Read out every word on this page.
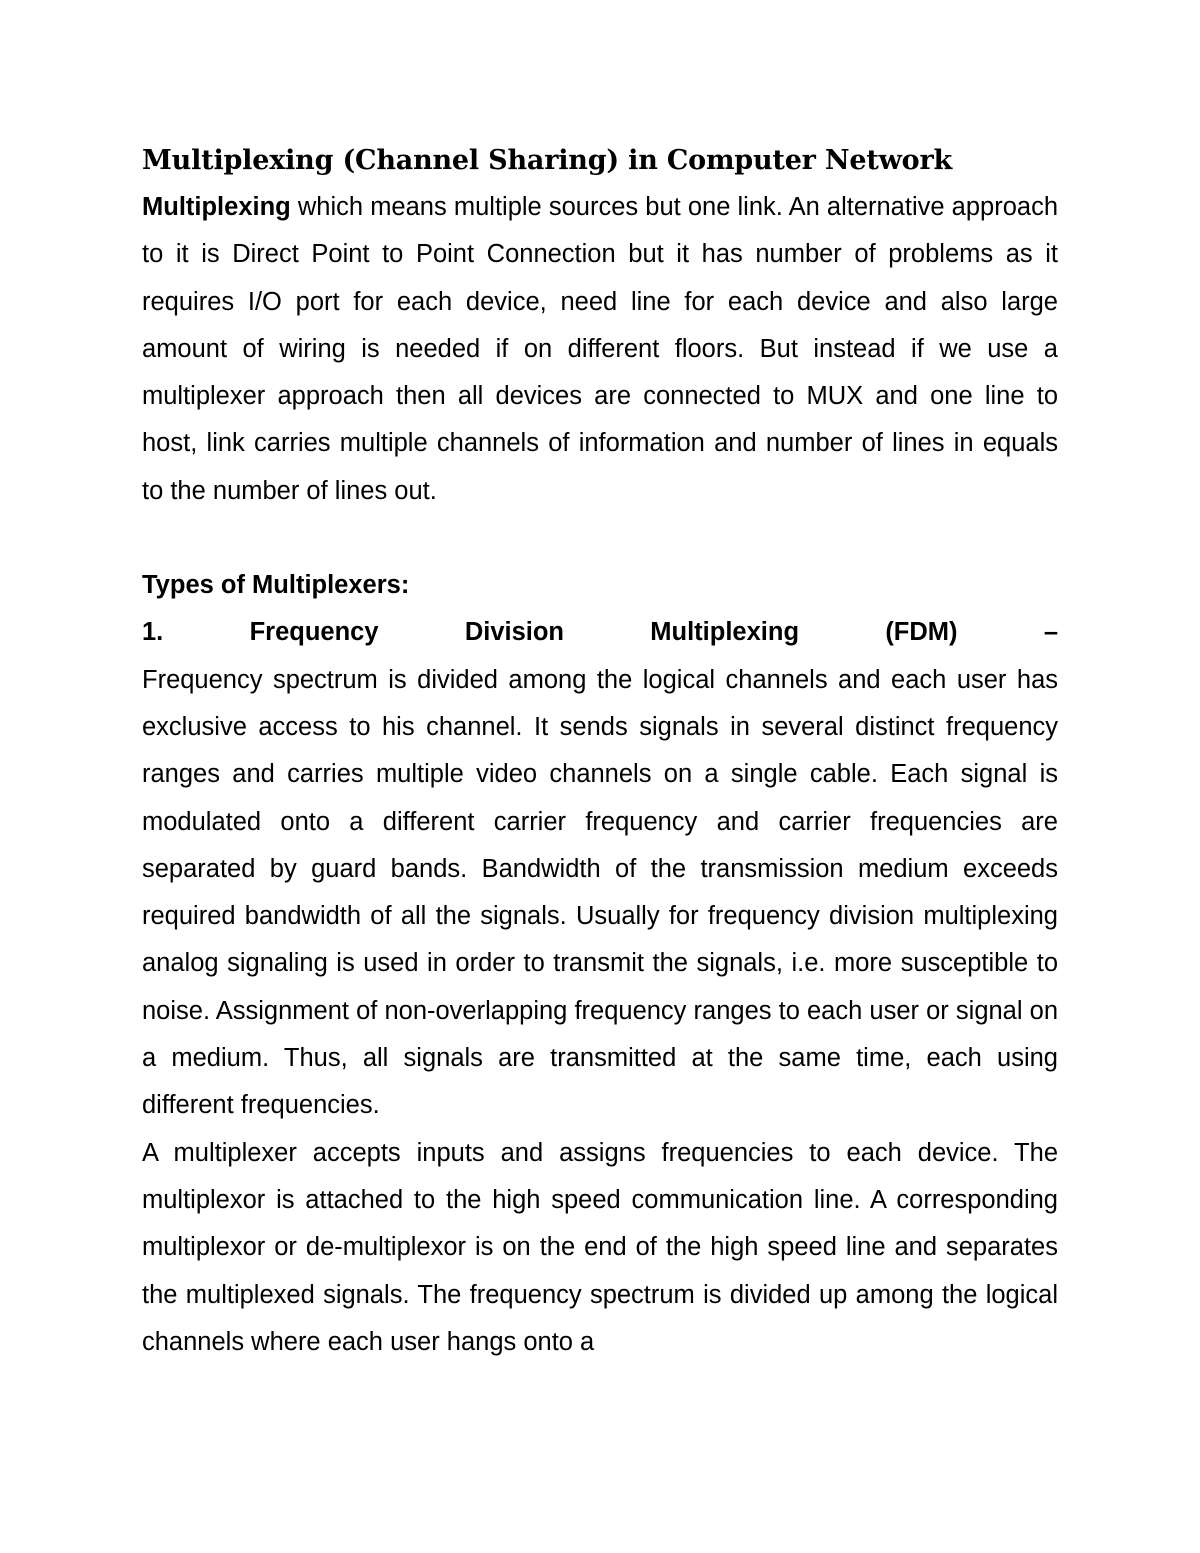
Multiplexing (Channel Sharing) in Computer Network

Multiplexing which means multiple sources but one link. An alternative approach to it is Direct Point to Point Connection but it has number of problems as it requires I/O port for each device, need line for each device and also large amount of wiring is needed if on different floors. But instead if we use a multiplexer approach then all devices are connected to MUX and one line to host, link carries multiple channels of information and number of lines in equals to the number of lines out.

Types of Multiplexers:

1.	Frequency	Division	Multiplexing	(FDM)	–

Frequency spectrum is divided among the logical channels and each user has exclusive access to his channel. It sends signals in several distinct frequency ranges and carries multiple video channels on a single cable. Each signal is modulated onto a different carrier frequency and carrier frequencies are separated by guard bands. Bandwidth of the transmission medium exceeds required bandwidth of all the signals. Usually for frequency division multiplexing analog signaling is used in order to transmit the signals, i.e. more susceptible to noise. Assignment of non-overlapping frequency ranges to each user or signal on a medium. Thus, all signals are transmitted at the same time, each using different frequencies.

A multiplexer accepts inputs and assigns frequencies to each device. The multiplexor is attached to the high speed communication line. A corresponding multiplexor or de-multiplexor is on the end of the high speed line and separates the multiplexed signals. The frequency spectrum is divided up among the logical channels where each user hangs onto a
